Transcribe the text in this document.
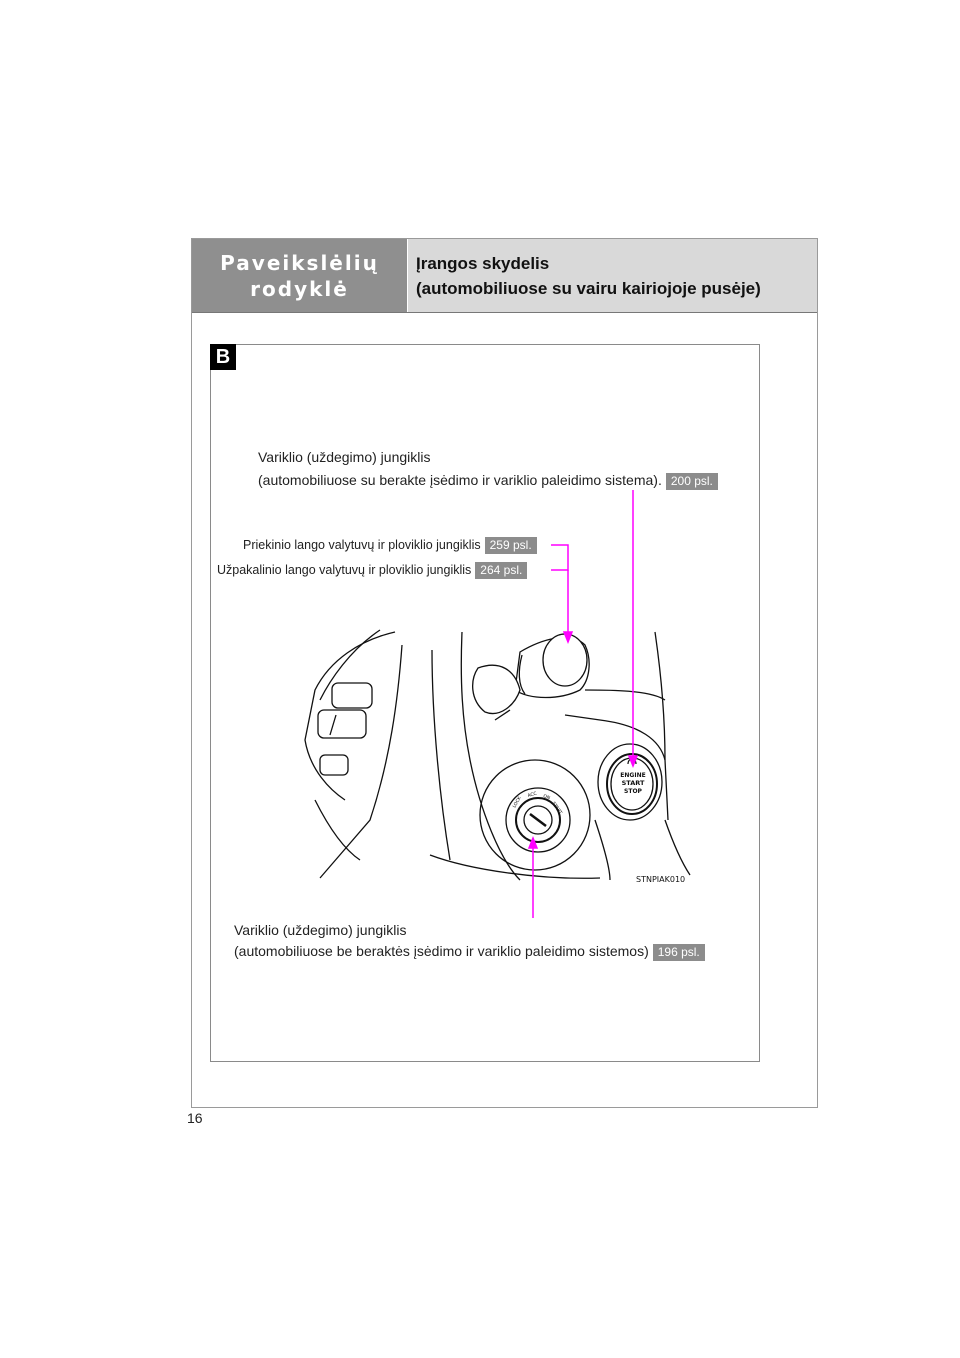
Paveikslėlių
rodyklė
Įrangos skydelis
(automobiliuose su vairu kairiojoje pusėje)
B
Variklio (uždegimo) jungiklis
(automobiliuose su berakte įsėdimo ir variklio paleidimo sistema). 200 psl.
Priekinio lango valytuvų ir ploviklio jungiklis 259 psl.
Užpakalinio lango valytuvų ir ploviklio jungiklis 264 psl.
Variklio (uždegimo) jungiklis
(automobiliuose be beraktės įsėdimo ir variklio paleidimo sistemos) 196 psl.
ENGINE
START
STOP
LOCK
ACC ON
START
STNPIAK010
16
